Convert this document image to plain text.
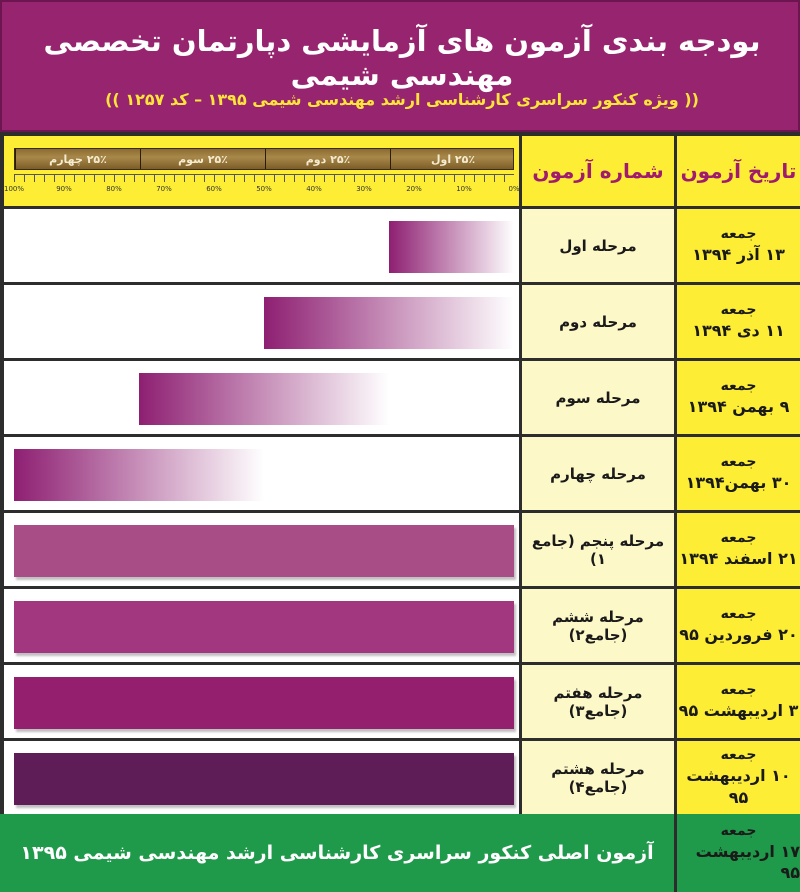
بودجه بندی آزمون های آزمایشی دپارتمان تخصصی مهندسی شیمی
(( ویژه کنکور سراسری کارشناسی ارشد مهندسی شیمی ۱۳۹۵ – کد ۱۲۵۷ ))
تاریخ آزمون
شماره آزمون
۲۵٪ اول
۲۵٪ دوم
۲۵٪ سوم
۲۵٪ چهارم
0%
10%
20%
30%
40%
50%
60%
70%
80%
90%
100%
مرحله اول
جمعه
۱۳ آذر ۱۳۹۴
مرحله دوم
جمعه
۱۱ دی ۱۳۹۴
مرحله سوم
جمعه
۹ بهمن ۱۳۹۴
مرحله چهارم
جمعه
۳۰ بهمن۱۳۹۴
مرحله پنجم (جامع ۱)
جمعه
۲۱ اسفند ۱۳۹۴
مرحله ششم (جامع۲)
جمعه
۲۰ فروردین ۹۵
مرحله هفتم (جامع۳)
جمعه
۳ اردیبهشت ۹۵
مرحله هشتم (جامع۴)
جمعه
۱۰ اردیبهشت ۹۵
آزمون اصلی کنکور سراسری کارشناسی ارشد مهندسی شیمی ۱۳۹۵
جمعه
۱۷ اردیبهشت ۹۵
